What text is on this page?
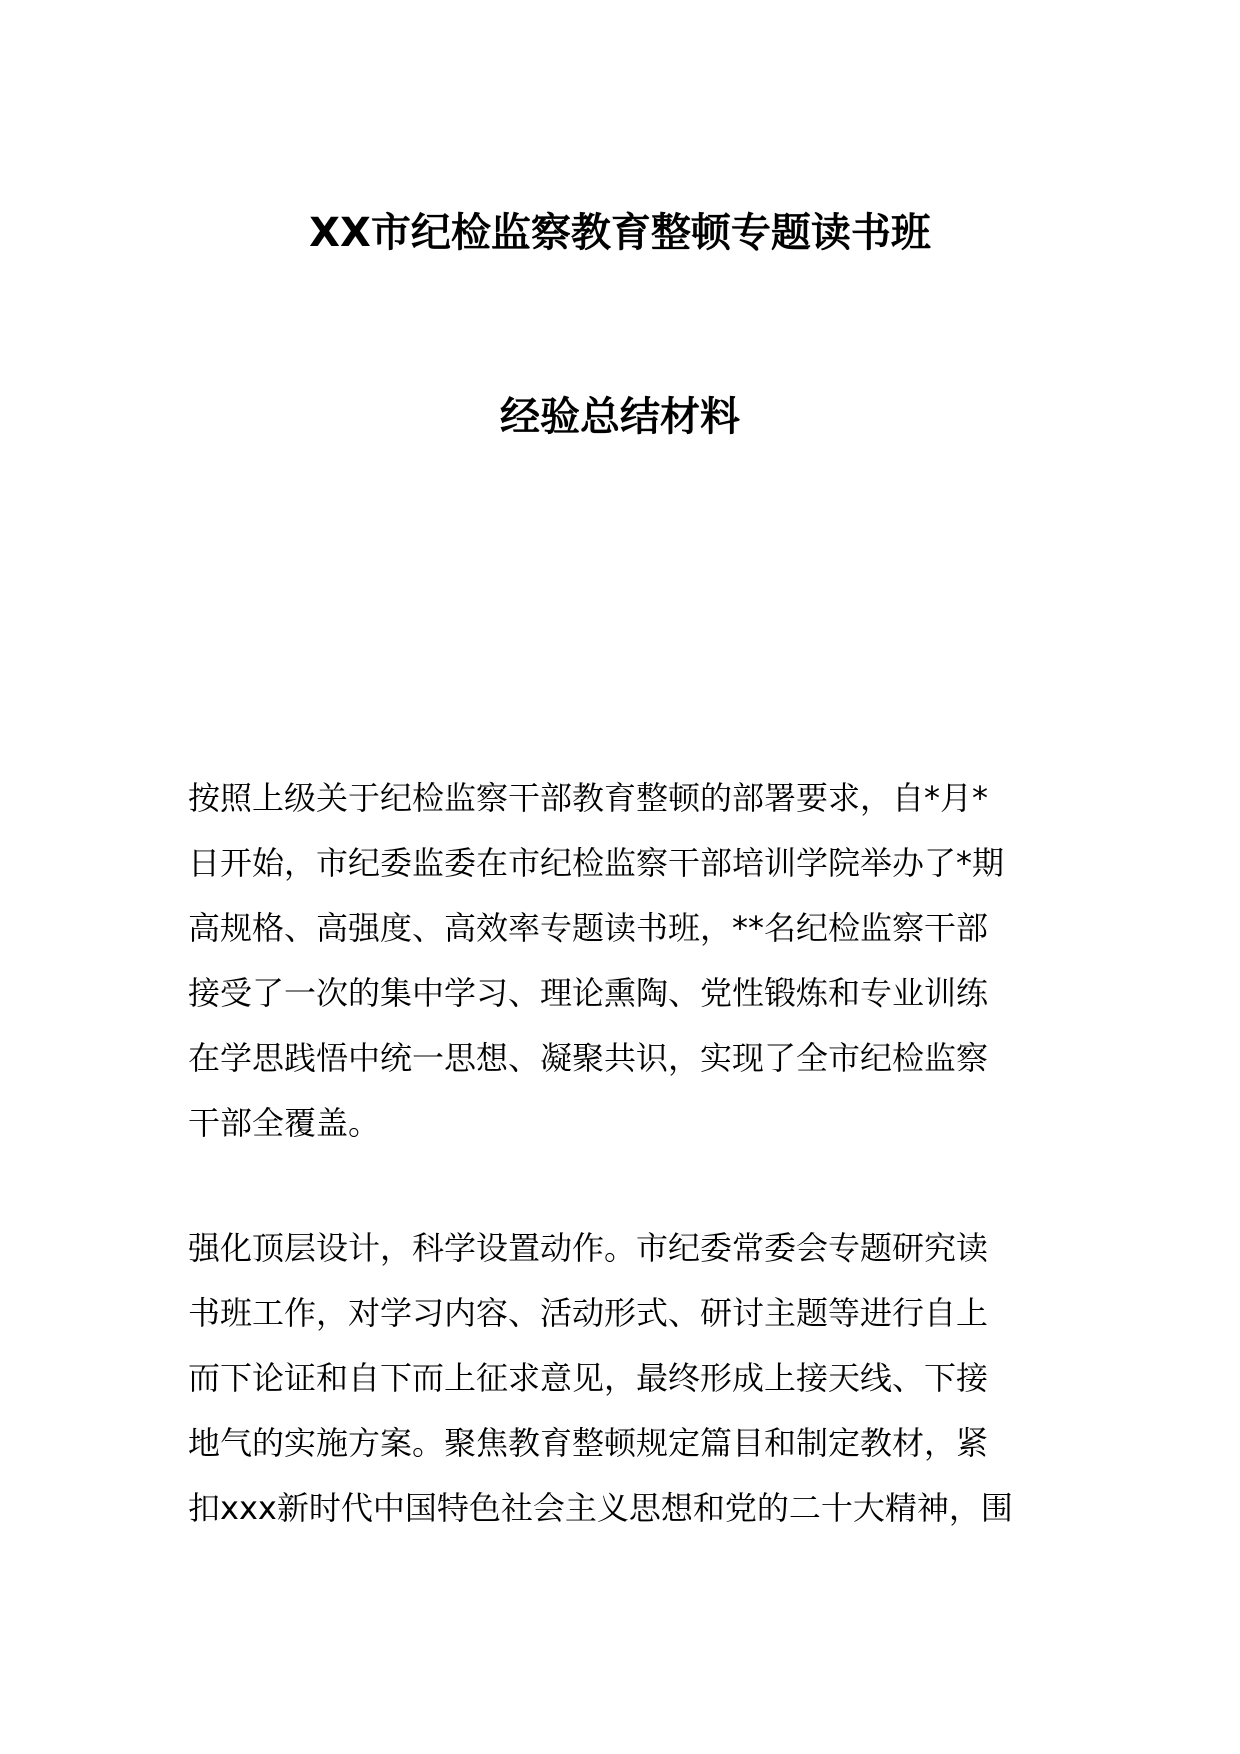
XX市纪检监察教育整顿专题读书班
经验总结材料
按照上级关于纪检监察干部教育整顿的部署要求，自*月*
日开始，市纪委监委在市纪检监察干部培训学院举办了*期
高规格、高强度、高效率专题读书班，**名纪检监察干部
接受了一次的集中学习、理论熏陶、党性锻炼和专业训练
在学思践悟中统一思想、凝聚共识，实现了全市纪检监察
干部全覆盖。
强化顶层设计，科学设置动作。市纪委常委会专题研究读
书班工作，对学习内容、活动形式、研讨主题等进行自上
而下论证和自下而上征求意见，最终形成上接天线、下接
地气的实施方案。聚焦教育整顿规定篇目和制定教材，紧
扣xxx新时代中国特色社会主义思想和党的二十大精神，围
